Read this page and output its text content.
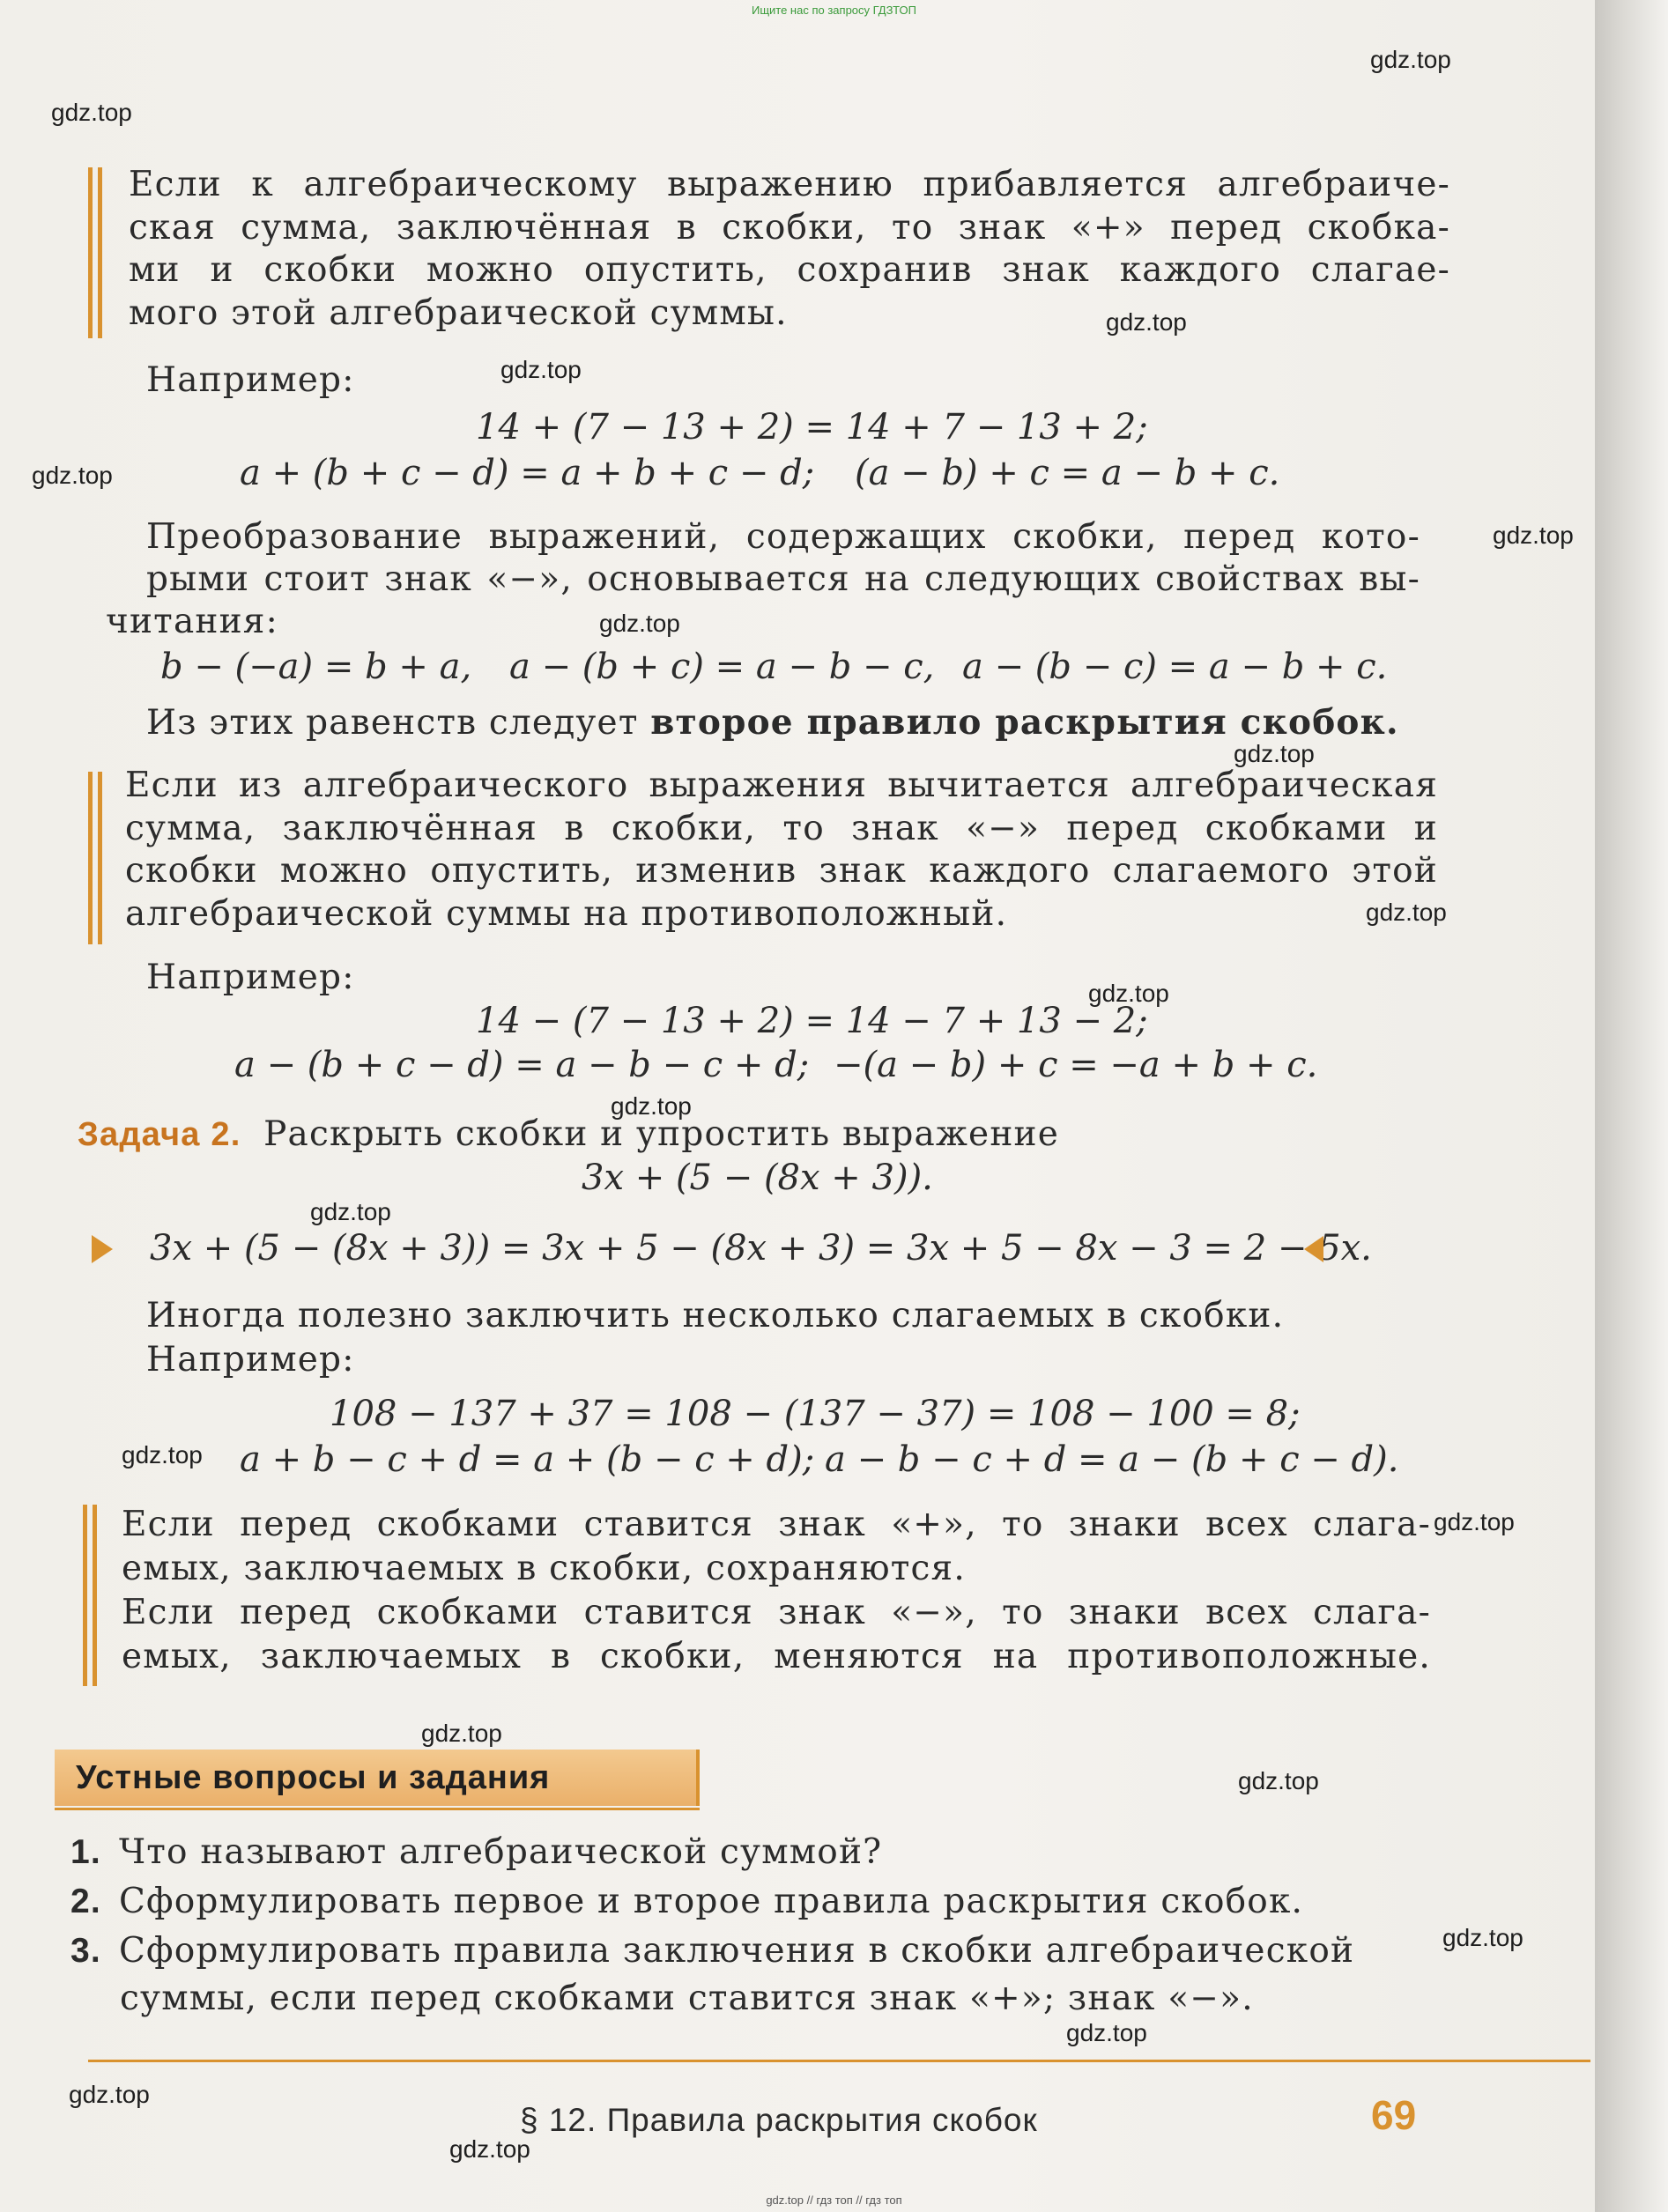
Ищите нас по запросу ГДЗТОП
gdz.top
gdz.top
gdz.top
gdz.top
gdz.top
gdz.top
gdz.top
gdz.top
gdz.top
gdz.top
gdz.top
gdz.top
gdz.top
gdz.top
gdz.top
gdz.top
gdz.top
gdz.top
gdz.top
gdz.top

Если к алгебраическому выражению прибавляется алгебраиче-
ская сумма, заключённая в скобки, то знак «+» перед скобка-
ми и скобки можно опустить, сохранив знак каждого слагае-
мого этой алгебраической суммы.

Например:
14 + (7 − 13 + 2) = 14 + 7 − 13 + 2;
a + (b + c − d) = a + b + c − d; (a − b) + c = a − b + c.
Преобразование выражений, содержащих скобки, перед кото-
рыми стоит знак «−», основывается на следующих свойствах вы-
читания:
b − (−a) = b + a, a − (b + c) = a − b − c, a − (b − c) = a − b + c.
Из этих равенств следует второе правило раскрытия скобок.

Если из алгебраического выражения вычитается алгебраическая
сумма, заключённая в скобки, то знак «−» перед скобками и
скобки можно опустить, изменив знак каждого слагаемого этой
алгебраической суммы на противоположный.

Например:
14 − (7 − 13 + 2) = 14 − 7 + 13 − 2;
a − (b + c − d) = a − b − c + d; −(a − b) + c = −a + b + c.
Задача 2. Раскрыть скобки и упростить выражение
3x + (5 − (8x + 3)).
3x + (5 − (8x + 3)) = 3x + 5 − (8x + 3) = 3x + 5 − 8x − 3 = 2 − 5x.
Иногда полезно заключить несколько слагаемых в скобки.
Например:
108 − 137 + 37 = 108 − (137 − 37) = 108 − 100 = 8;
a + b − c + d = a + (b − c + d); a − b − c + d = a − (b + c − d).

Если перед скобками ставится знак «+», то знаки всех слага-
емых, заключаемых в скобки, сохраняются.
Если перед скобками ставится знак «−», то знаки всех слага-
емых, заключаемых в скобки, меняются на противоположные.

Устные вопросы и задания
1. Что называют алгебраической суммой?
2. Сформулировать первое и второе правила раскрытия скобок.
3. Сформулировать правила заключения в скобки алгебраической
суммы, если перед скобками ставится знак «+»; знак «−».
§ 12. Правила раскрытия скобок	69
gdz.top // гдз топ // гдз топ
